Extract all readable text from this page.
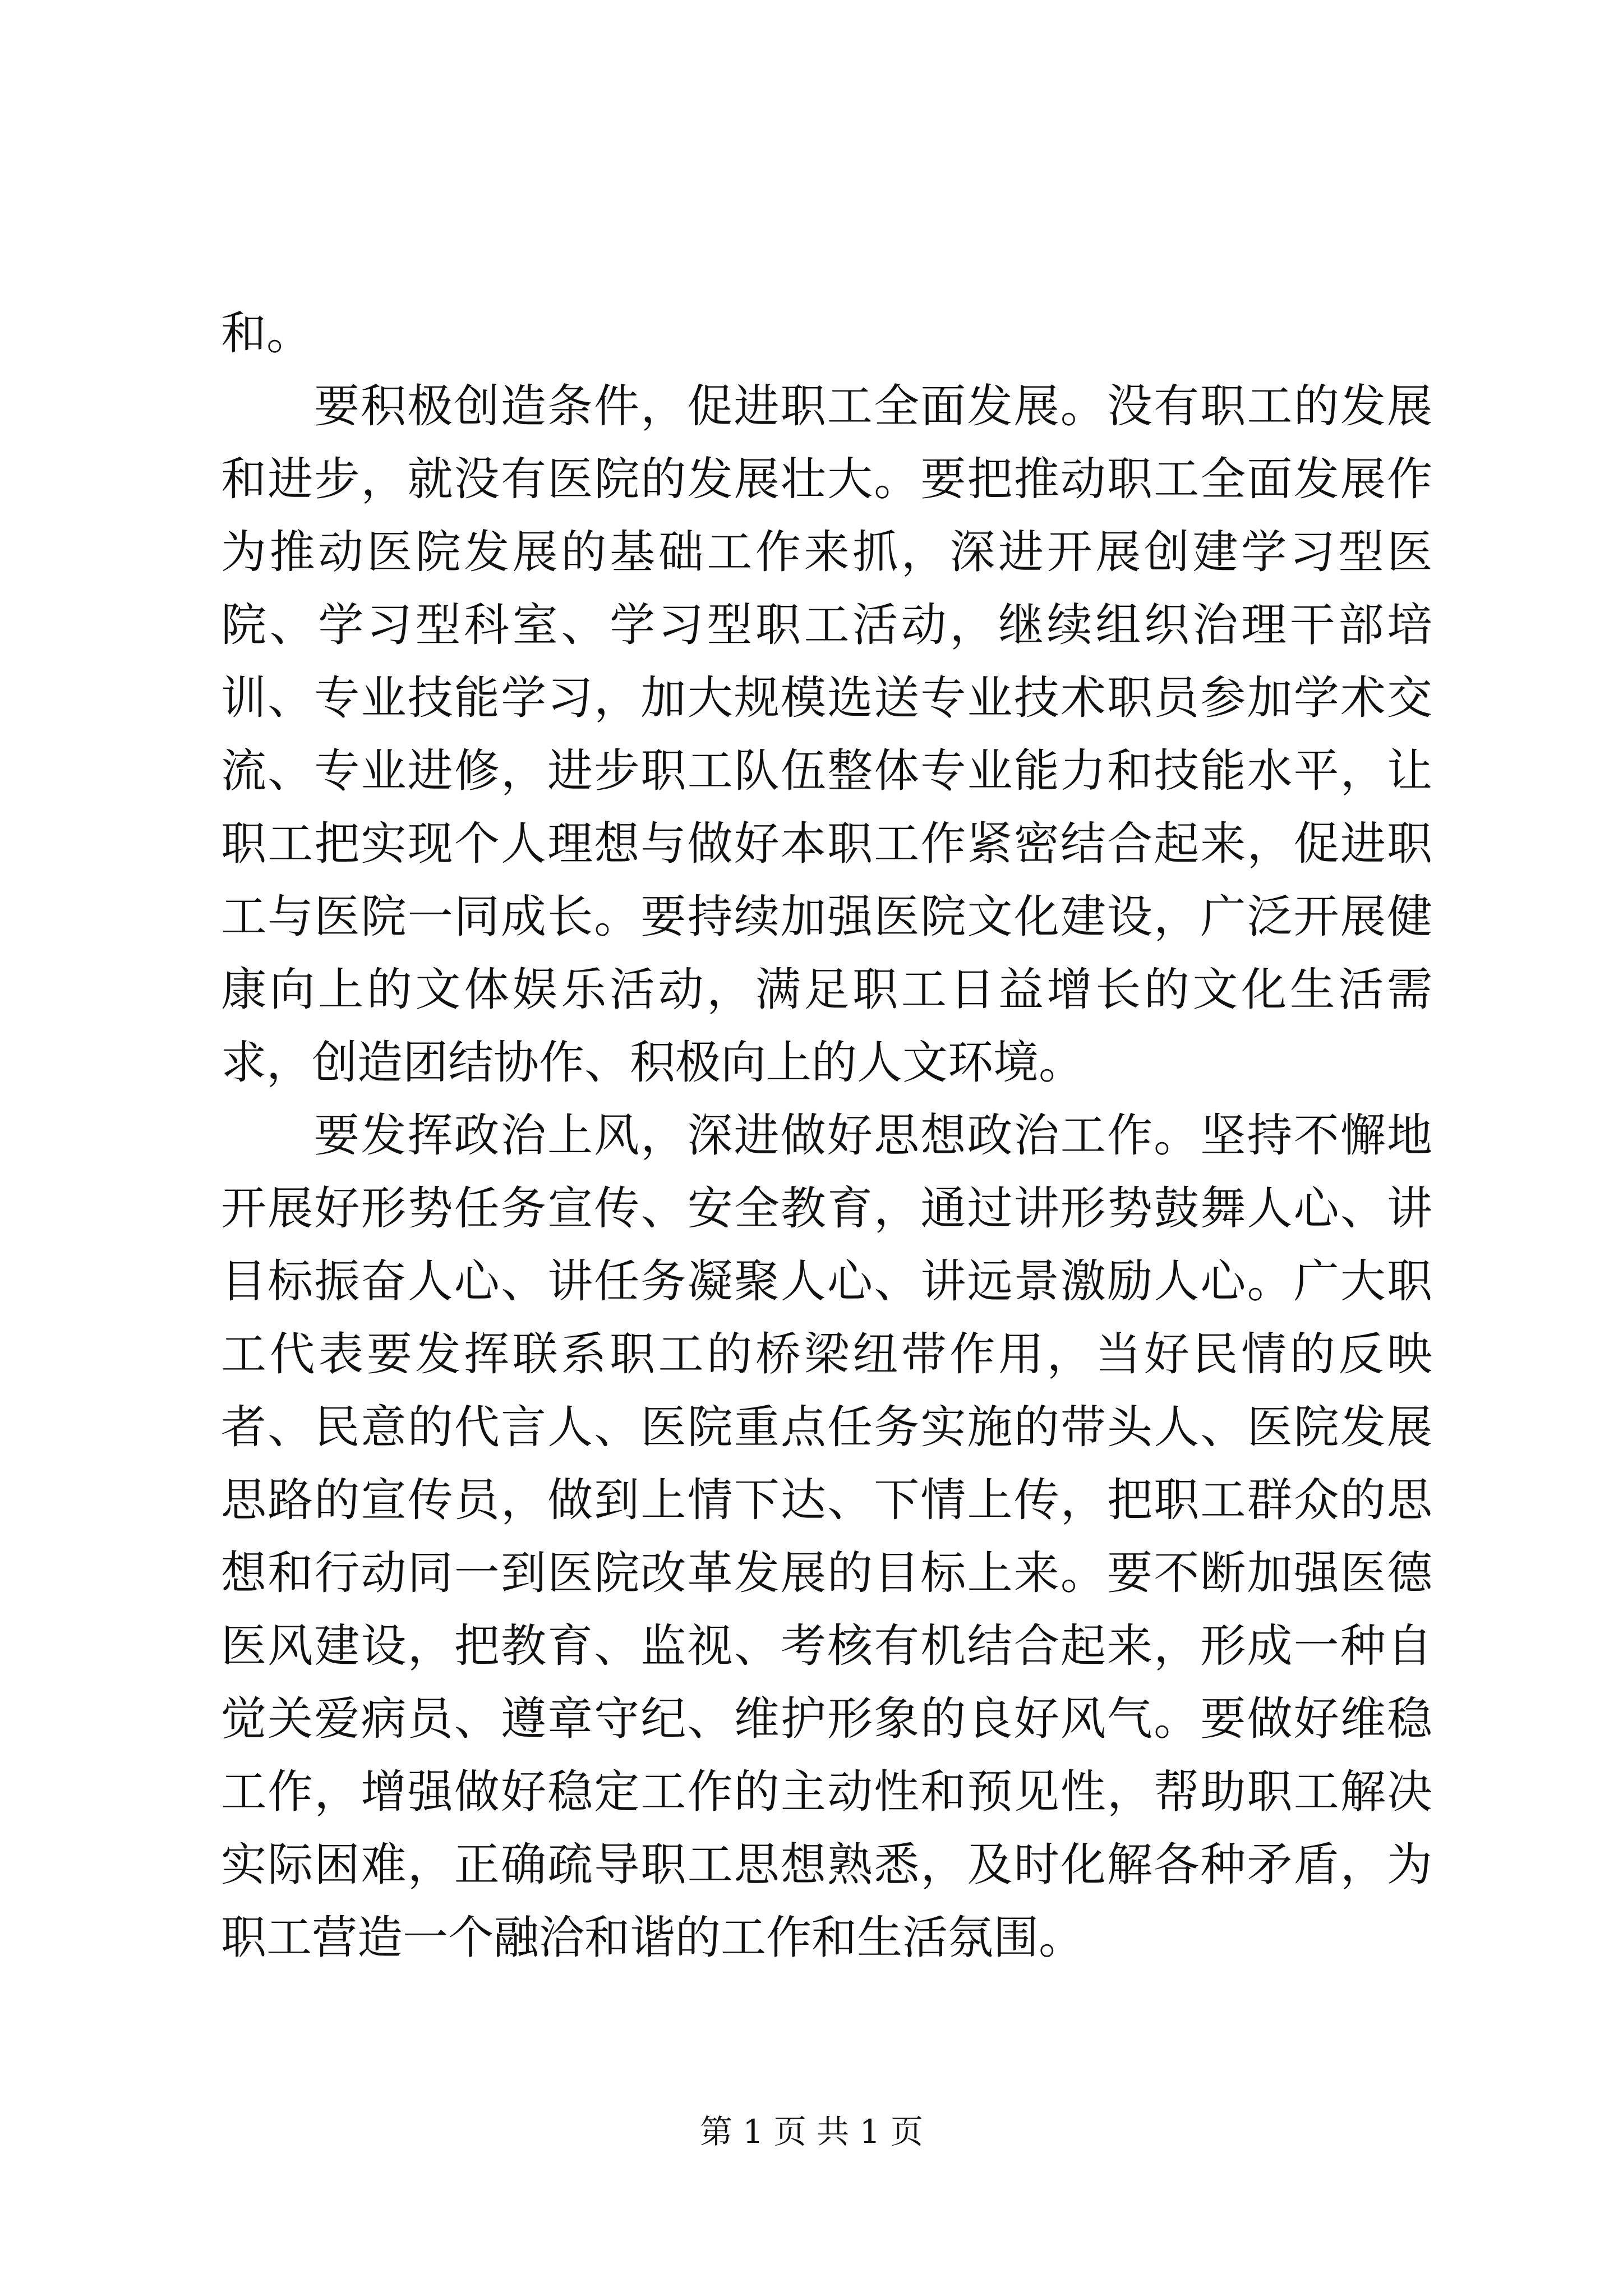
和。

要积极创造条件，促进职工全面发展。没有职工的发展和进步，就没有医院的发展壮大。要把推动职工全面发展作为推动医院发展的基础工作来抓，深进开展创建学习型医院、学习型科室、学习型职工活动，继续组织治理干部培训、专业技能学习，加大规模选送专业技术职员参加学术交流、专业进修，进步职工队伍整体专业能力和技能水平，让职工把实现个人理想与做好本职工作紧密结合起来，促进职工与医院一同成长。要持续加强医院文化建设，广泛开展健康向上的文体娱乐活动，满足职工日益增长的文化生活需求，创造团结协作、积极向上的人文环境。

要发挥政治上风，深进做好思想政治工作。坚持不懈地开展好形势任务宣传、安全教育，通过讲形势鼓舞人心、讲目标振奋人心、讲任务凝聚人心、讲远景激励人心。广大职工代表要发挥联系职工的桥梁纽带作用，当好民情的反映者、民意的代言人、医院重点任务实施的带头人、医院发展思路的宣传员，做到上情下达、下情上传，把职工群众的思想和行动同一到医院改革发展的目标上来。要不断加强医德医风建设，把教育、监视、考核有机结合起来，形成一种自觉关爱病员、遵章守纪、维护形象的良好风气。要做好维稳工作，增强做好稳定工作的主动性和预见性，帮助职工解决实际困难，正确疏导职工思想熟悉，及时化解各种矛盾，为职工营造一个融洽和谐的工作和生活氛围。

第 1 页 共 1 页
